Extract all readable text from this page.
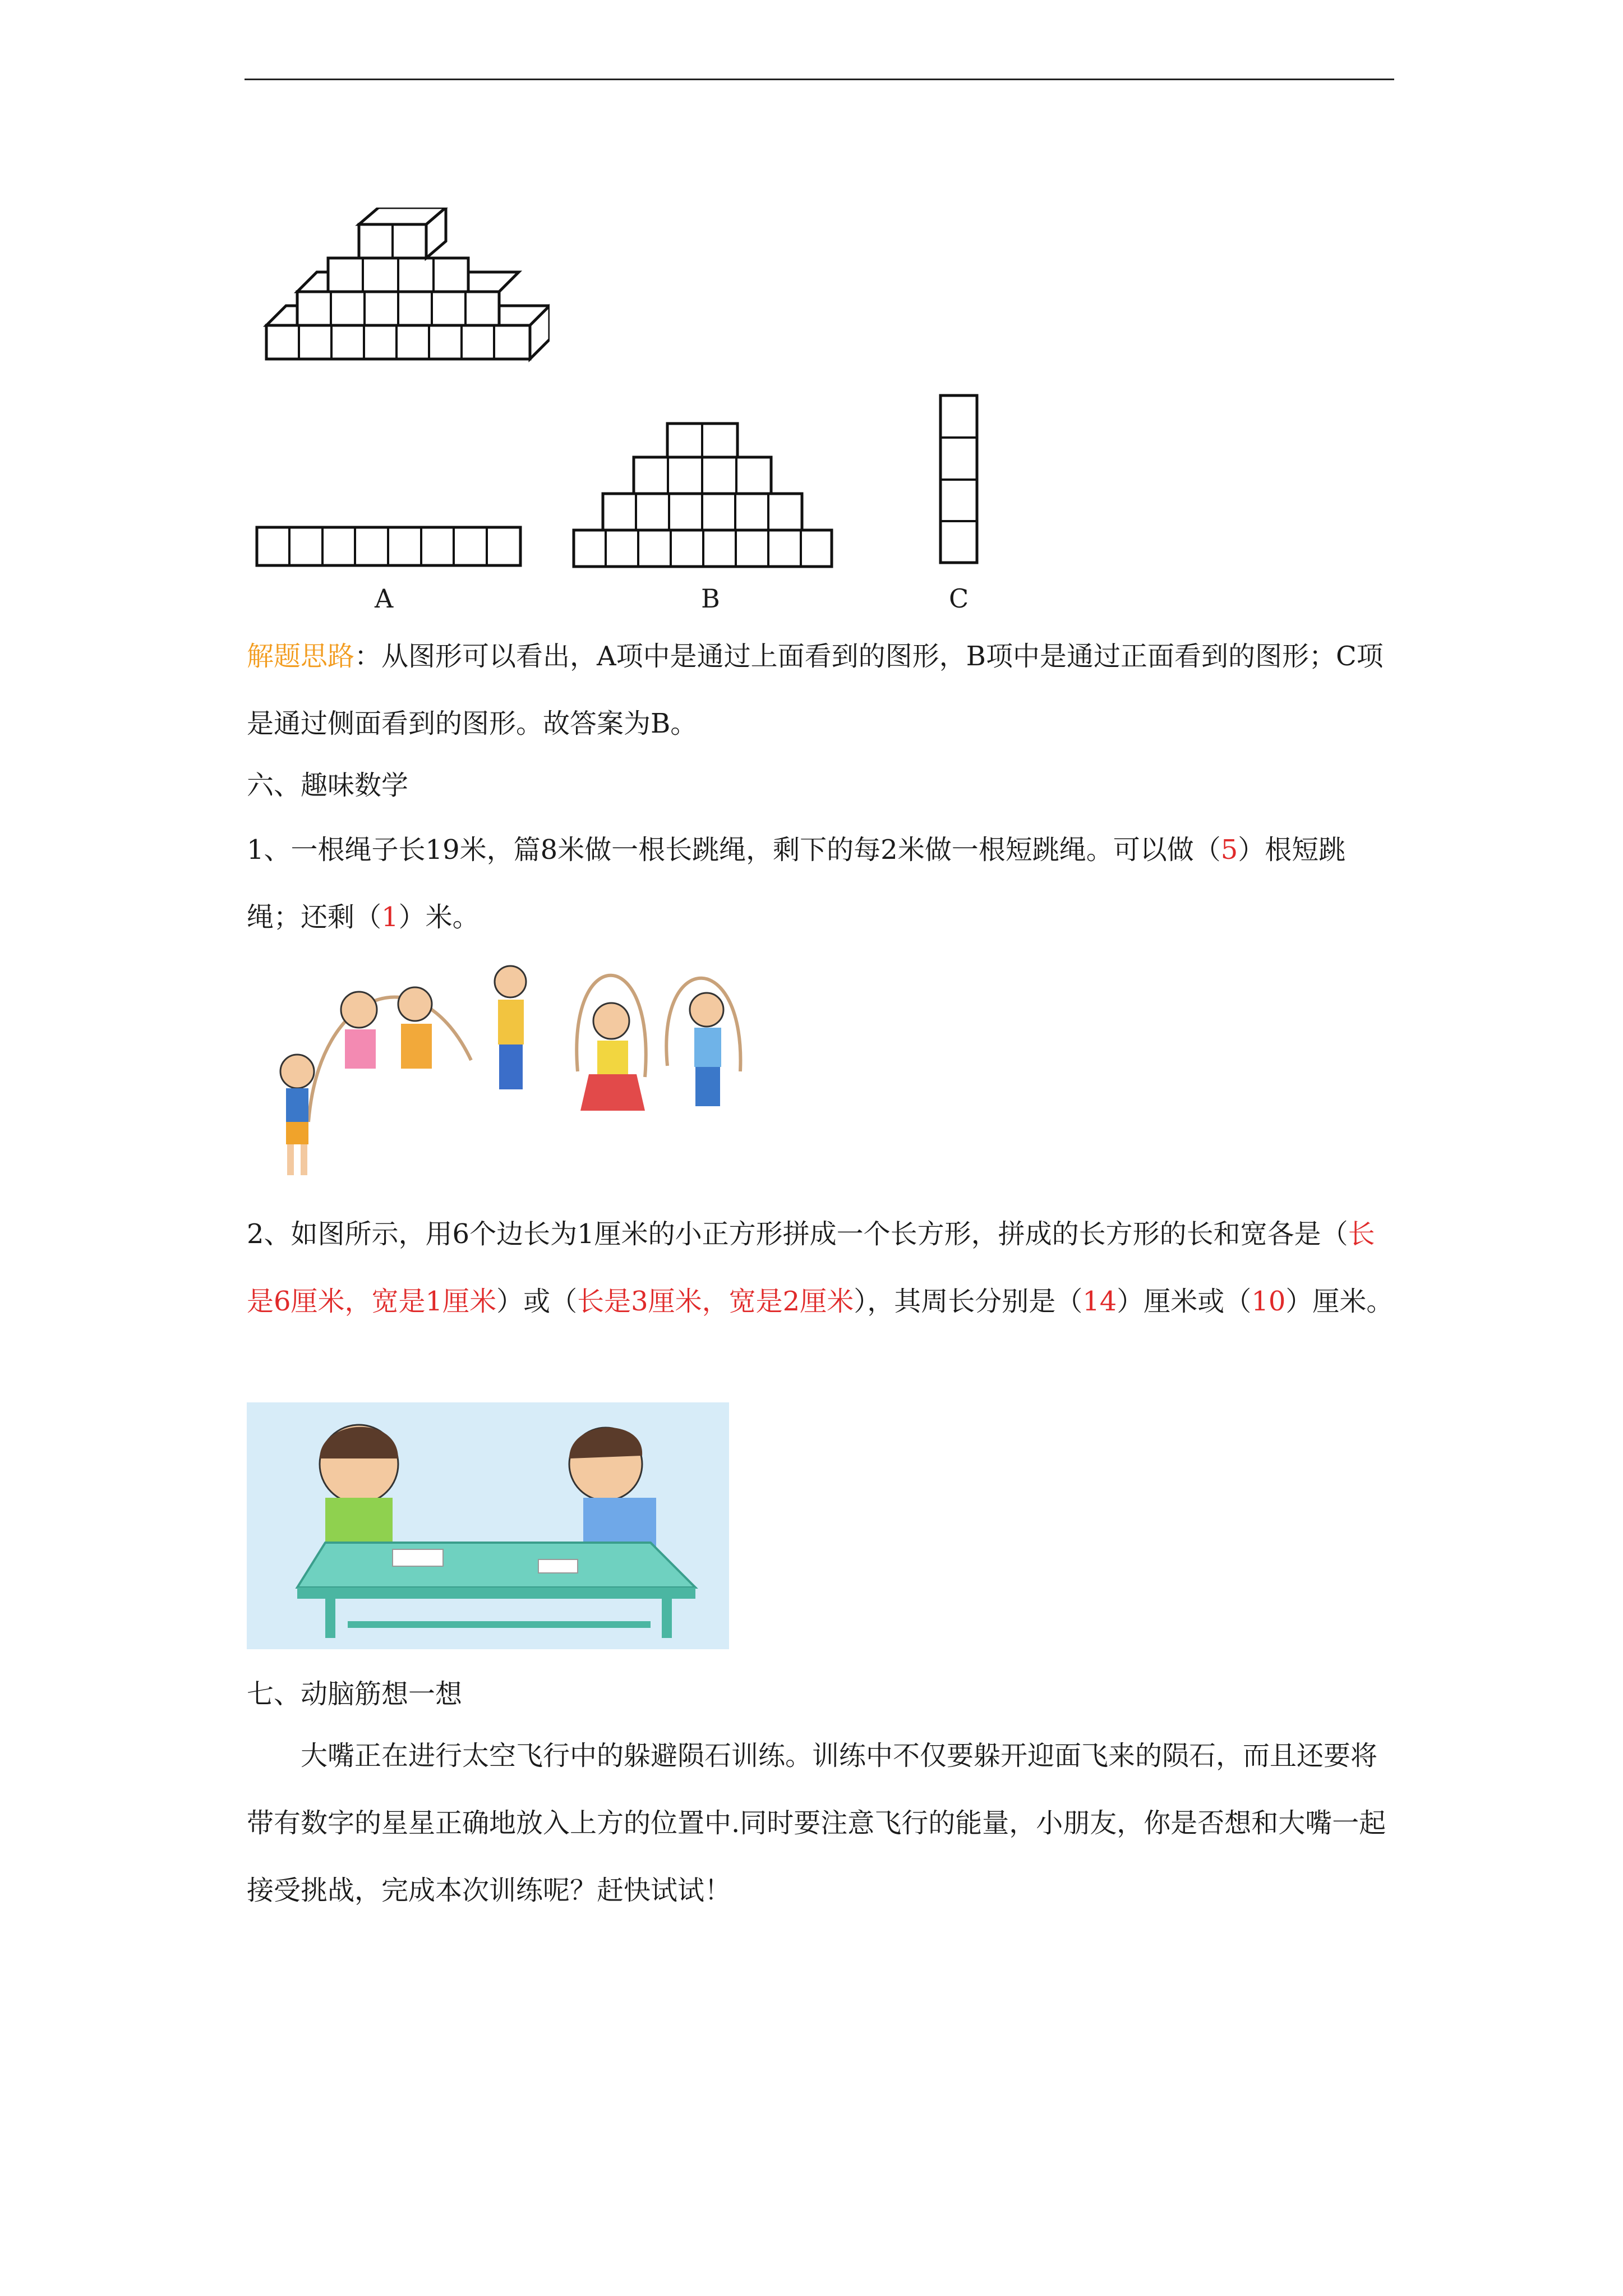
A	B	C

解题思路：从图形可以看出，A项中是通过上面看到的图形，B项中是通过正面看到的图形；C项是通过侧面看到的图形。故答案为B。

六、趣味数学

1、一根绳子长19米，篇8米做一根长跳绳，剩下的每2米做一根短跳绳。可以做（5）根短跳绳；还剩（1）米。

2、如图所示，用6个边长为1厘米的小正方形拼成一个长方形，拼成的长方形的长和宽各是（长是6厘米，宽是1厘米）或（长是3厘米，宽是2厘米），其周长分别是（14）厘米或（10）厘米。

七、动脑筋想一想

大嘴正在进行太空飞行中的躲避陨石训练。训练中不仅要躲开迎面飞来的陨石，而且还要将带有数字的星星正确地放入上方的位置中.同时要注意飞行的能量，小朋友，你是否想和大嘴一起接受挑战，完成本次训练呢？赶快试试！
